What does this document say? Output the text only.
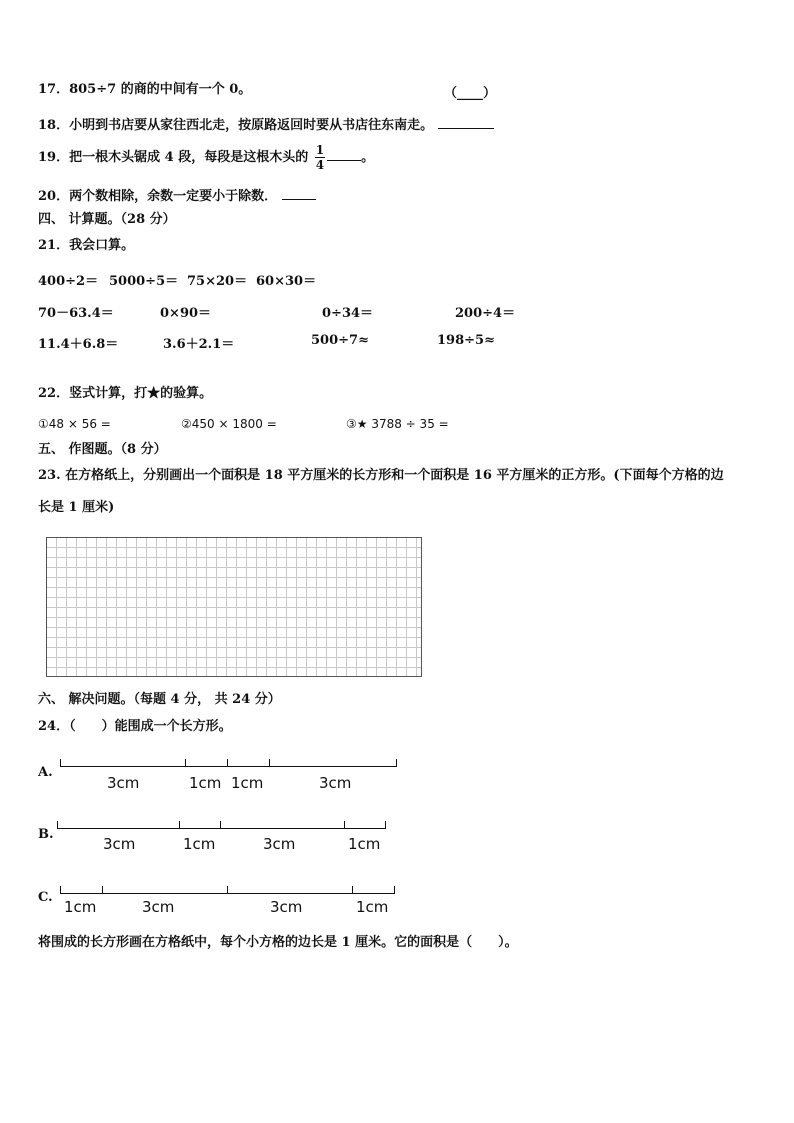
17．805÷7 的商的中间有一个 0。	（____）
18．小明到书店要从家往西北走，按原路返回时要从书店往东南走。
19．把一根木头锯成 4 段，每段是这根木头的 $\frac{1}{4}$	。
20．两个数相除，余数一定要小于除数．
四、 计算题。（28 分）
21．我会口算。
400÷2＝ 5000÷5＝ 75×20＝ 60×30＝
70－63.4＝	0×90＝	0÷34＝	200÷4＝
11.4＋6.8＝	3.6＋2.1＝	500÷7≈	198÷5≈
22．竖式计算，打★的验算。
①48 × 56 =	②450 × 1800 =	③★ 3788 ÷ 35 =
五、 作图题。（8 分）
23. 在方格纸上，分别画出一个面积是 18 平方厘米的长方形和一个面积是 16 平方厘米的正方形。(下面每个方格的边
长是 1 厘米)
六、 解决问题。（每题 4 分， 共 24 分）
24．（　　）能围成一个长方形。
A.
3cm	1cm 1cm	3cm
B.
3cm	1cm	3cm	1cm
C.
1cm	3cm	3cm	1cm
将围成的长方形画在方格纸中，每个小方格的边长是 1 厘米。它的面积是（　　）。
